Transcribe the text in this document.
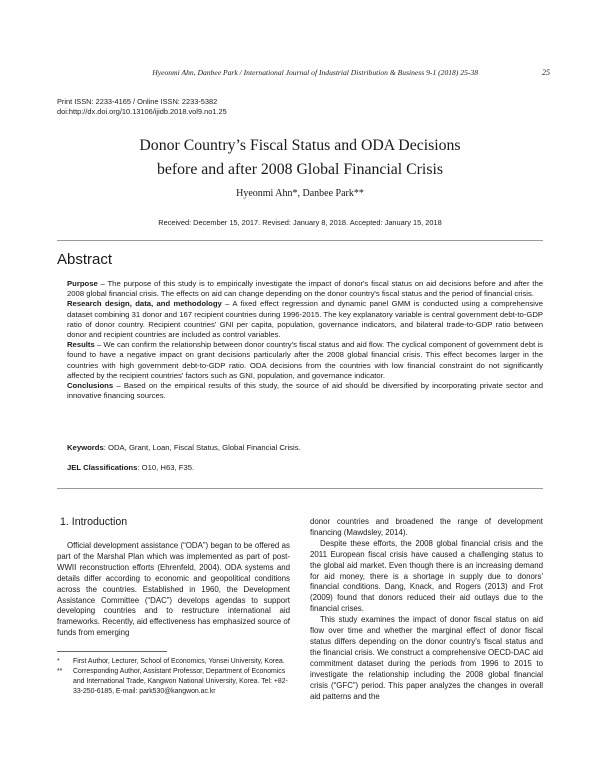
Hyeonmi Ahn, Danbee Park / International Journal of Industrial Distribution & Business 9-1 (2018) 25-38	25
Print ISSN: 2233-4165 / Online ISSN: 2233-5382
doi:http://dx.doi.org/10.13106/ijidb.2018.vol9.no1.25
Donor Country’s Fiscal Status and ODA Decisions
before and after 2008 Global Financial Crisis
Hyeonmi Ahn*, Danbee Park**
Received: December 15, 2017. Revised: January 8, 2018. Accepted: January 15, 2018
Abstract

Purpose – The purpose of this study is to empirically investigate the impact of donor's fiscal status on aid decisions before and after the 2008 global financial crisis. The effects on aid can change depending on the donor country's fiscal status and the period of financial crisis.

Research design, data, and methodology – A fixed effect regression and dynamic panel GMM is conducted using a comprehensive dataset combining 31 donor and 167 recipient countries during 1996-2015. The key explanatory variable is central government debt-to-GDP ratio of donor country. Recipient countries' GNI per capita, population, governance indicators, and bilateral trade-to-GDP ratio between donor and recipient countries are included as control variables.

Results – We can confirm the relationship between donor country's fiscal status and aid flow. The cyclical component of government debt is found to have a negative impact on grant decisions particularly after the 2008 global financial crisis. This effect becomes larger in the countries with high government debt-to-GDP ratio. ODA decisions from the countries with low financial constraint do not significantly affected by the recipient countries' factors such as GNI, population, and governance indicator.

Conclusions – Based on the empirical results of this study, the source of aid should be diversified by incorporating private sector and innovative financing sources.

Keywords: ODA, Grant, Loan, Fiscal Status, Global Financial Crisis.
JEL Classifications: O10, H63, F35.
1. Introduction

Official development assistance (“ODA”) began to be offered as part of the Marshal Plan which was implemented as part of post-WWII reconstruction efforts (Ehrenfeld, 2004). ODA systems and details differ according to economic and geopolitical conditions across the countries. Established in 1960, the Development Assistance Committee (“DAC”) develops agendas to support developing countries and to restructure international aid frameworks. Recently, aid effectiveness has emphasized source of funds from emerging

*	First Author, Lecturer, School of Economics, Yonsei University, Korea.
**	Corresponding Author, Assistant Professor, Department of Economics and International Trade, Kangwon National University, Korea. Tel: +82-33-250-6185, E-mail: park530@kangwon.ac.kr

donor countries and broadened the range of development financing (Mawdsley, 2014).

Despite these efforts, the 2008 global financial crisis and the 2011 European fiscal crisis have caused a challenging status to the global aid market. Even though there is an increasing demand for aid money, there is a shortage in supply due to donors' financial conditions. Dang, Knack, and Rogers (2013) and Frot (2009) found that donors reduced their aid outlays due to the financial crises.

This study examines the impact of donor fiscal status on aid flow over time and whether the marginal effect of donor fiscal status differs depending on the donor country's fiscal status and the financial crisis. We construct a comprehensive OECD-DAC aid commitment dataset during the periods from 1996 to 2015 to investigate the relationship including the 2008 global financial crisis (“GFC”) period. This paper analyzes the changes in overall aid patterns and the
